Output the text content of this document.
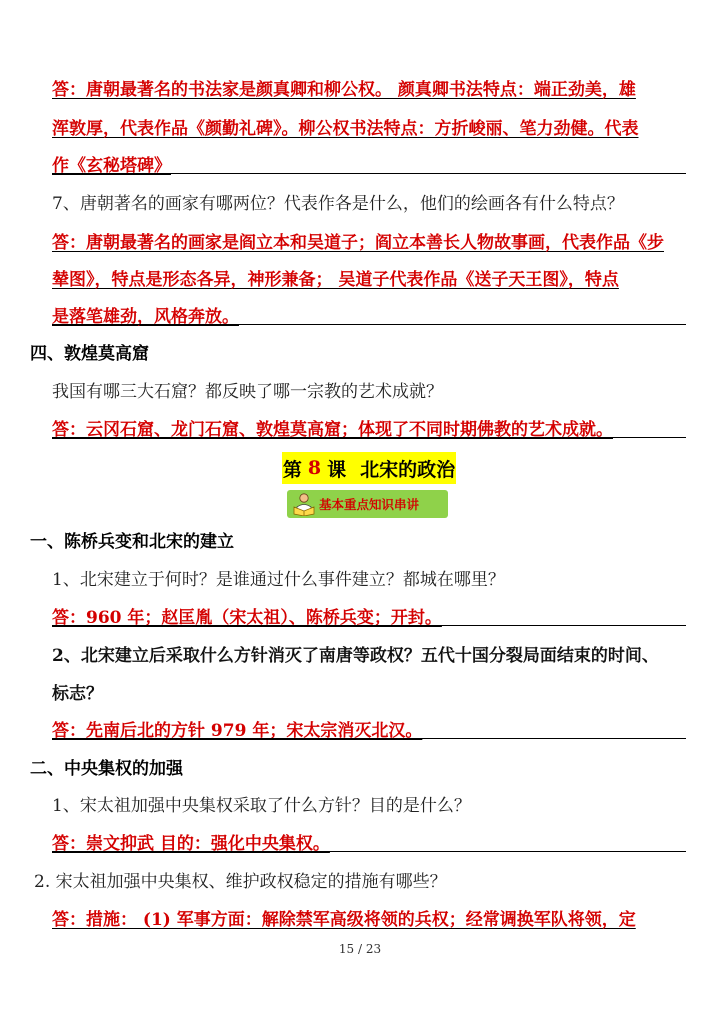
答：唐朝最著名的书法家是颜真卿和柳公权。 颜真卿书法特点：端正劲美，雄
浑敦厚，代表作品《颜勤礼碑》。柳公权书法特点：方折峻丽、笔力劲健。代表
作《玄秘塔碑》
7、唐朝著名的画家有哪两位？代表作各是什么，他们的绘画各有什么特点？
答：唐朝最著名的画家是阎立本和吴道子；阎立本善长人物故事画，代表作品《步
辇图》，特点是形态各异，神形兼备； 吴道子代表作品《送子天王图》，特点
是落笔雄劲，风格奔放。
四、敦煌莫高窟
我国有哪三大石窟？都反映了哪一宗教的艺术成就？
答：云冈石窟、龙门石窟、敦煌莫高窟；体现了不同时期佛教的艺术成就。
第 8 课 北宋的政治
基本重点知识串讲
一、陈桥兵变和北宋的建立
1、北宋建立于何时？是谁通过什么事件建立？都城在哪里？
答：960 年；赵匡胤（宋太祖）、陈桥兵变；开封。
2、北宋建立后采取什么方针消灭了南唐等政权？五代十国分裂局面结束的时间、
标志？
答：先南后北的方针 979 年；宋太宗消灭北汉。
二、中央集权的加强
1、宋太祖加强中央集权采取了什么方针？目的是什么？
答：崇文抑武 目的：强化中央集权。
2. 宋太祖加强中央集权、维护政权稳定的措施有哪些？
答：措施： (1) 军事方面：解除禁军高级将领的兵权；经常调换军队将领，定
15 / 23
